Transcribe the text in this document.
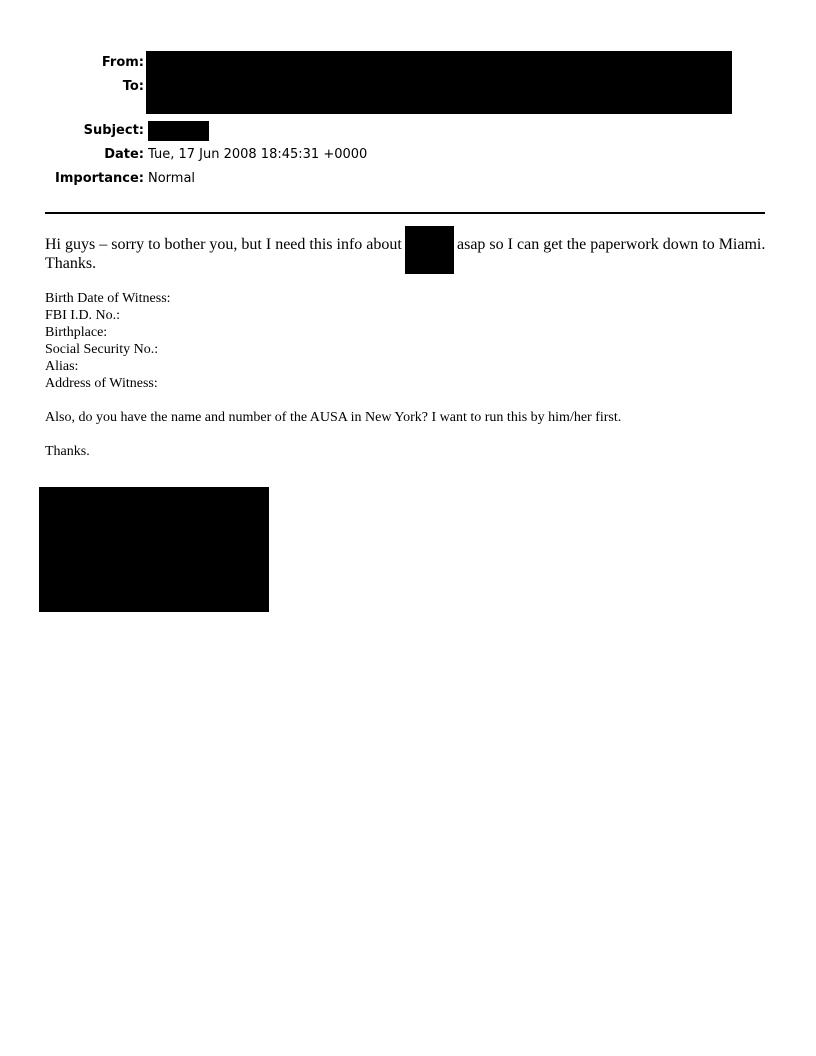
From:
To:
Subject:
Date:
Importance:
Tue, 17 Jun 2008 18:45:31 +0000
Normal
Hi guys – sorry to bother you, but I need this info about	asap so I can get the paperwork down to Miami.
Thanks.
Birth Date of Witness:
FBI I.D. No.:
Birthplace:
Social Security No.:
Alias:
Address of Witness:
Also, do you have the name and number of the AUSA in New York? I want to run this by him/her first.
Thanks.
